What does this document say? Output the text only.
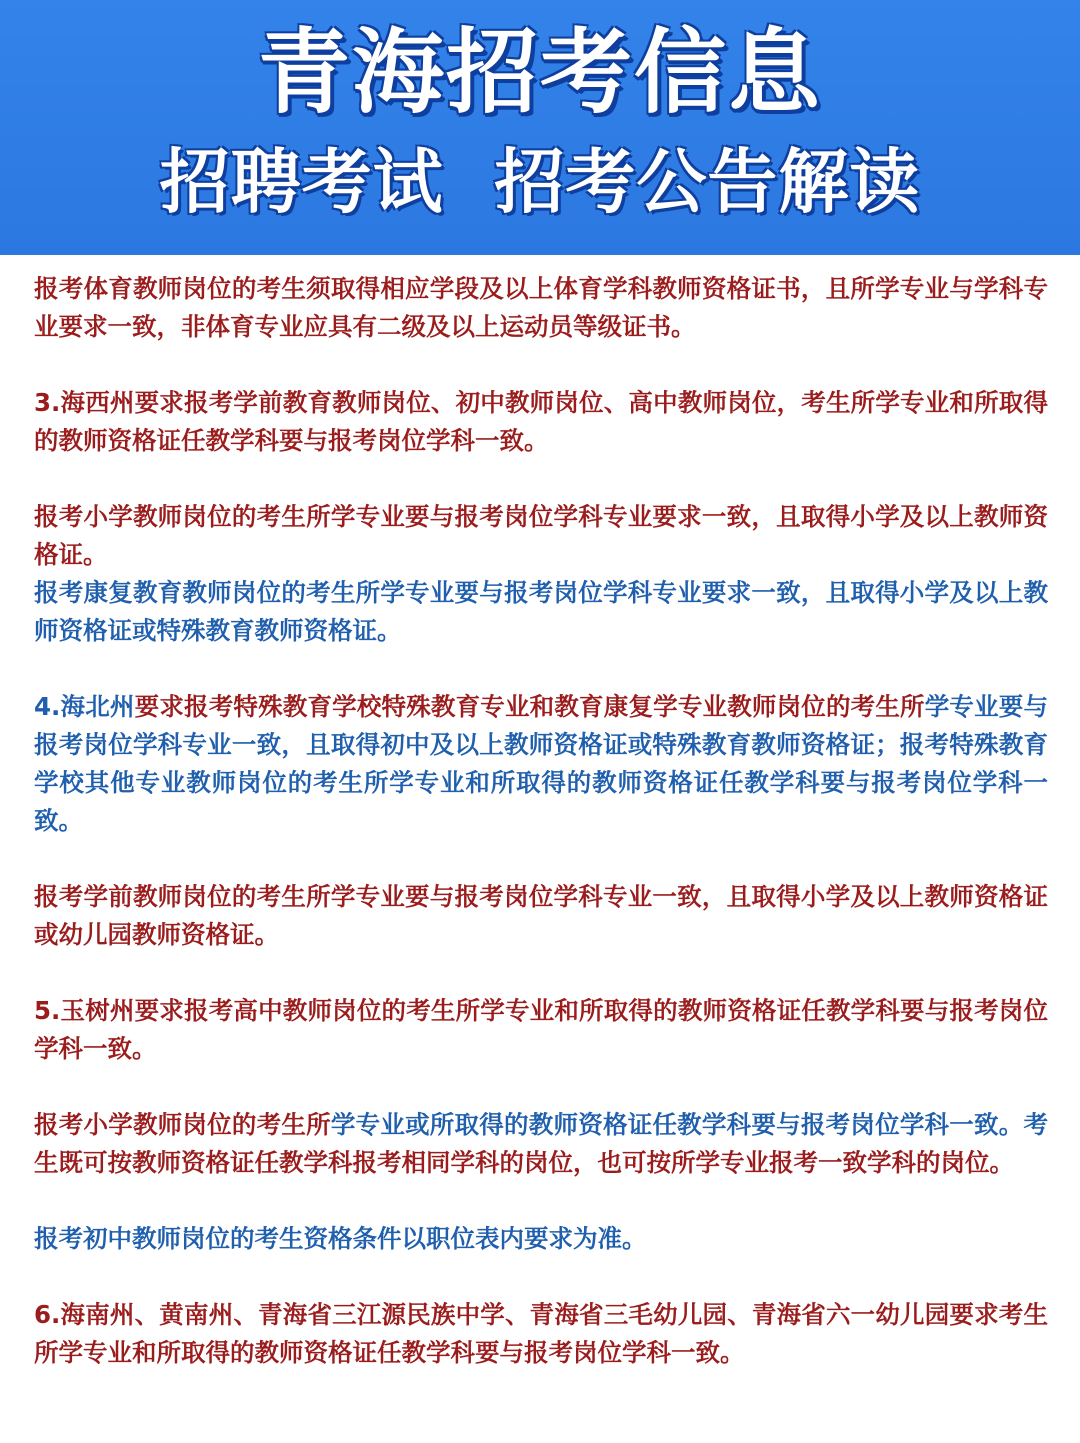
青海招考信息
招聘考试  招考公告解读

报考体育教师岗位的考生须取得相应学段及以上体育学科教师资格证书，且所学专业与学科专业要求一致，非体育专业应具有二级及以上运动员等级证书。

3.海西州要求报考学前教育教师岗位、初中教师岗位、高中教师岗位，考生所学专业和所取得的教师资格证任教学科要与报考岗位学科一致。

报考小学教师岗位的考生所学专业要与报考岗位学科专业要求一致，且取得小学及以上教师资格证。

报考康复教育教师岗位的考生所学专业要与报考岗位学科专业要求一致，且取得小学及以上教师资格证或特殊教育教师资格证。

4.海北州要求报考特殊教育学校特殊教育专业和教育康复学专业教师岗位的考生所学专业要与报考岗位学科专业一致，且取得初中及以上教师资格证或特殊教育教师资格证；报考特殊教育学校其他专业教师岗位的考生所学专业和所取得的教师资格证任教学科要与报考岗位学科一致。

报考学前教师岗位的考生所学专业要与报考岗位学科专业一致，且取得小学及以上教师资格证或幼儿园教师资格证。

5.玉树州要求报考高中教师岗位的考生所学专业和所取得的教师资格证任教学科要与报考岗位学科一致。

报考小学教师岗位的考生所学专业或所取得的教师资格证任教学科要与报考岗位学科一致。考生既可按教师资格证任教学科报考相同学科的岗位，也可按所学专业报考一致学科的岗位。

报考初中教师岗位的考生资格条件以职位表内要求为准。

6.海南州、黄南州、青海省三江源民族中学、青海省三毛幼儿园、青海省六一幼儿园要求考生所学专业和所取得的教师资格证任教学科要与报考岗位学科一致。
